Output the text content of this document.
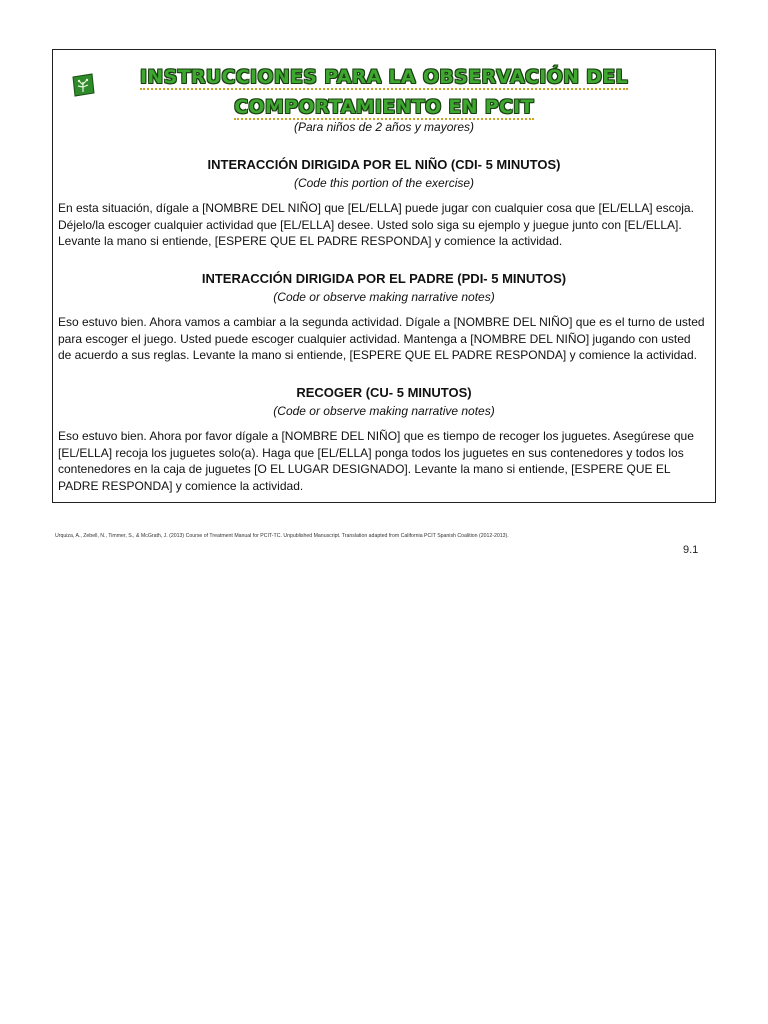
INSTRUCCIONES PARA LA OBSERVACIÓN DEL
COMPORTAMIENTO EN PCIT
(Para niños de 2 años y mayores)
INTERACCIÓN DIRIGIDA POR EL NIÑO (CDI- 5 MINUTOS)
(Code this portion of the exercise)
En esta situación, dígale a [NOMBRE DEL NIÑO] que [EL/ELLA] puede jugar con cualquier cosa que [EL/ELLA] escoja. Déjelo/la escoger cualquier actividad que [EL/ELLA] desee. Usted solo siga su ejemplo y juegue junto con [EL/ELLA]. Levante la mano si entiende, [ESPERE QUE EL PADRE RESPONDA] y comience la actividad.
INTERACCIÓN DIRIGIDA POR EL PADRE (PDI- 5 MINUTOS)
(Code or observe making narrative notes)
Eso estuvo bien. Ahora vamos a cambiar a la segunda actividad. Dígale a [NOMBRE DEL NIÑO] que es el turno de usted para escoger el juego. Usted puede escoger cualquier actividad. Mantenga a [NOMBRE DEL NIÑO] jugando con usted de acuerdo a sus reglas. Levante la mano si entiende, [ESPERE QUE EL PADRE RESPONDA] y comience la actividad.
RECOGER (CU- 5 MINUTOS)
(Code or observe making narrative notes)
Eso estuvo bien. Ahora por favor dígale a [NOMBRE DEL NIÑO] que es tiempo de recoger los juguetes. Asegúrese que [EL/ELLA] recoja los juguetes solo(a). Haga que [EL/ELLA] ponga todos los juguetes en sus contenedores y todos los contenedores en la caja de juguetes [O EL LUGAR DESIGNADO]. Levante la mano si entiende, [ESPERE QUE EL PADRE RESPONDA] y comience la actividad.
Urquiza, A., Zebell, N., Timmer, S., & McGrath, J. (2013) Course of Treatment Manual for PCIT-TC. Unpublished Manuscript. Translation adapted from California PCIT Spanish Coalition (2012-2013).
9.1
